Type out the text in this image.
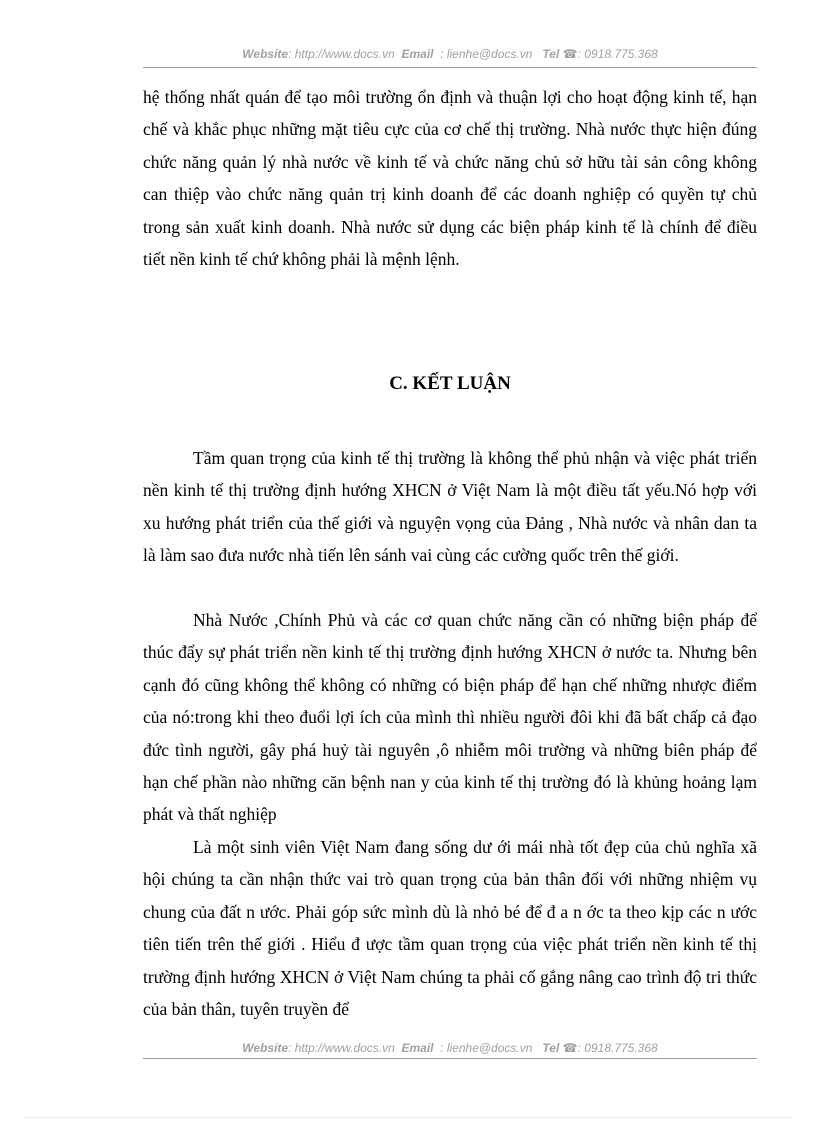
Website: http://www.docs.vn Email : lienhe@docs.vn Tel ☎: 0918.775.368
hệ thống nhất quán để tạo môi trường ổn định và thuận lợi cho hoạt động kinh tế, hạn chế và khắc phục những mặt tiêu cực của cơ chế thị trường. Nhà nước thực hiện đúng chức năng quản lý nhà nước về kinh tế và chức năng chủ sở hữu tài sản công không can thiệp vào chức năng quản trị kinh doanh để các doanh nghiệp có quyền tự chủ trong sản xuất kinh doanh. Nhà nước sử dụng các biện pháp kinh tế là chính để điều tiết nền kinh tế chứ không phải là mệnh lệnh.
C. KẾT LUẬN
Tầm quan trọng của kinh tế thị trường là không thể phủ nhận và việc phát triển nền kinh tế thị trường định hướng XHCN ở Việt Nam là một điều tất yếu.Nó hợp với xu hướng phát triển của thế giới và nguyện vọng của Đảng , Nhà nước và nhân dan ta là làm sao đưa nước nhà tiến lên sánh vai cùng các cường quốc trên thế giới.
Nhà Nước ,Chính Phủ và các cơ quan chức năng cần có những biện pháp để thúc đẩy sự phát triển nền kinh tế thị trường định hướng XHCN ở nước ta. Nhưng bên cạnh đó cũng không thể không có những có biện pháp để hạn chế những nhược điểm của nó:trong khi theo đuổi lợi ích của mình thì nhiều người đôi khi đã bất chấp cả đạo đức tình người, gây phá huỷ tài nguyên ,ô nhiễm môi trường và những biên pháp để hạn chế phần nào những căn bệnh nan y của kinh tế thị trường đó là khủng hoảng lạm phát và thất nghiệp
Là một sinh viên Việt Nam đang sống dư ới mái nhà tốt đẹp của chủ nghĩa xã hội chúng ta cần nhận thức vai trò quan trọng của bản thân đối với những nhiệm vụ chung của đất n ước. Phải góp sức mình dù là nhỏ bé để đ a n ớc ta theo kịp các n ước tiên tiến trên thế giới . Hiểu đ ược tầm quan trọng của việc phát triển nền kinh tế thị trường định hướng XHCN ở Việt Nam chúng ta phải cố gắng nâng cao trình độ tri thức của bản thân, tuyên truyền để
Website: http://www.docs.vn Email : lienhe@docs.vn Tel ☎: 0918.775.368
